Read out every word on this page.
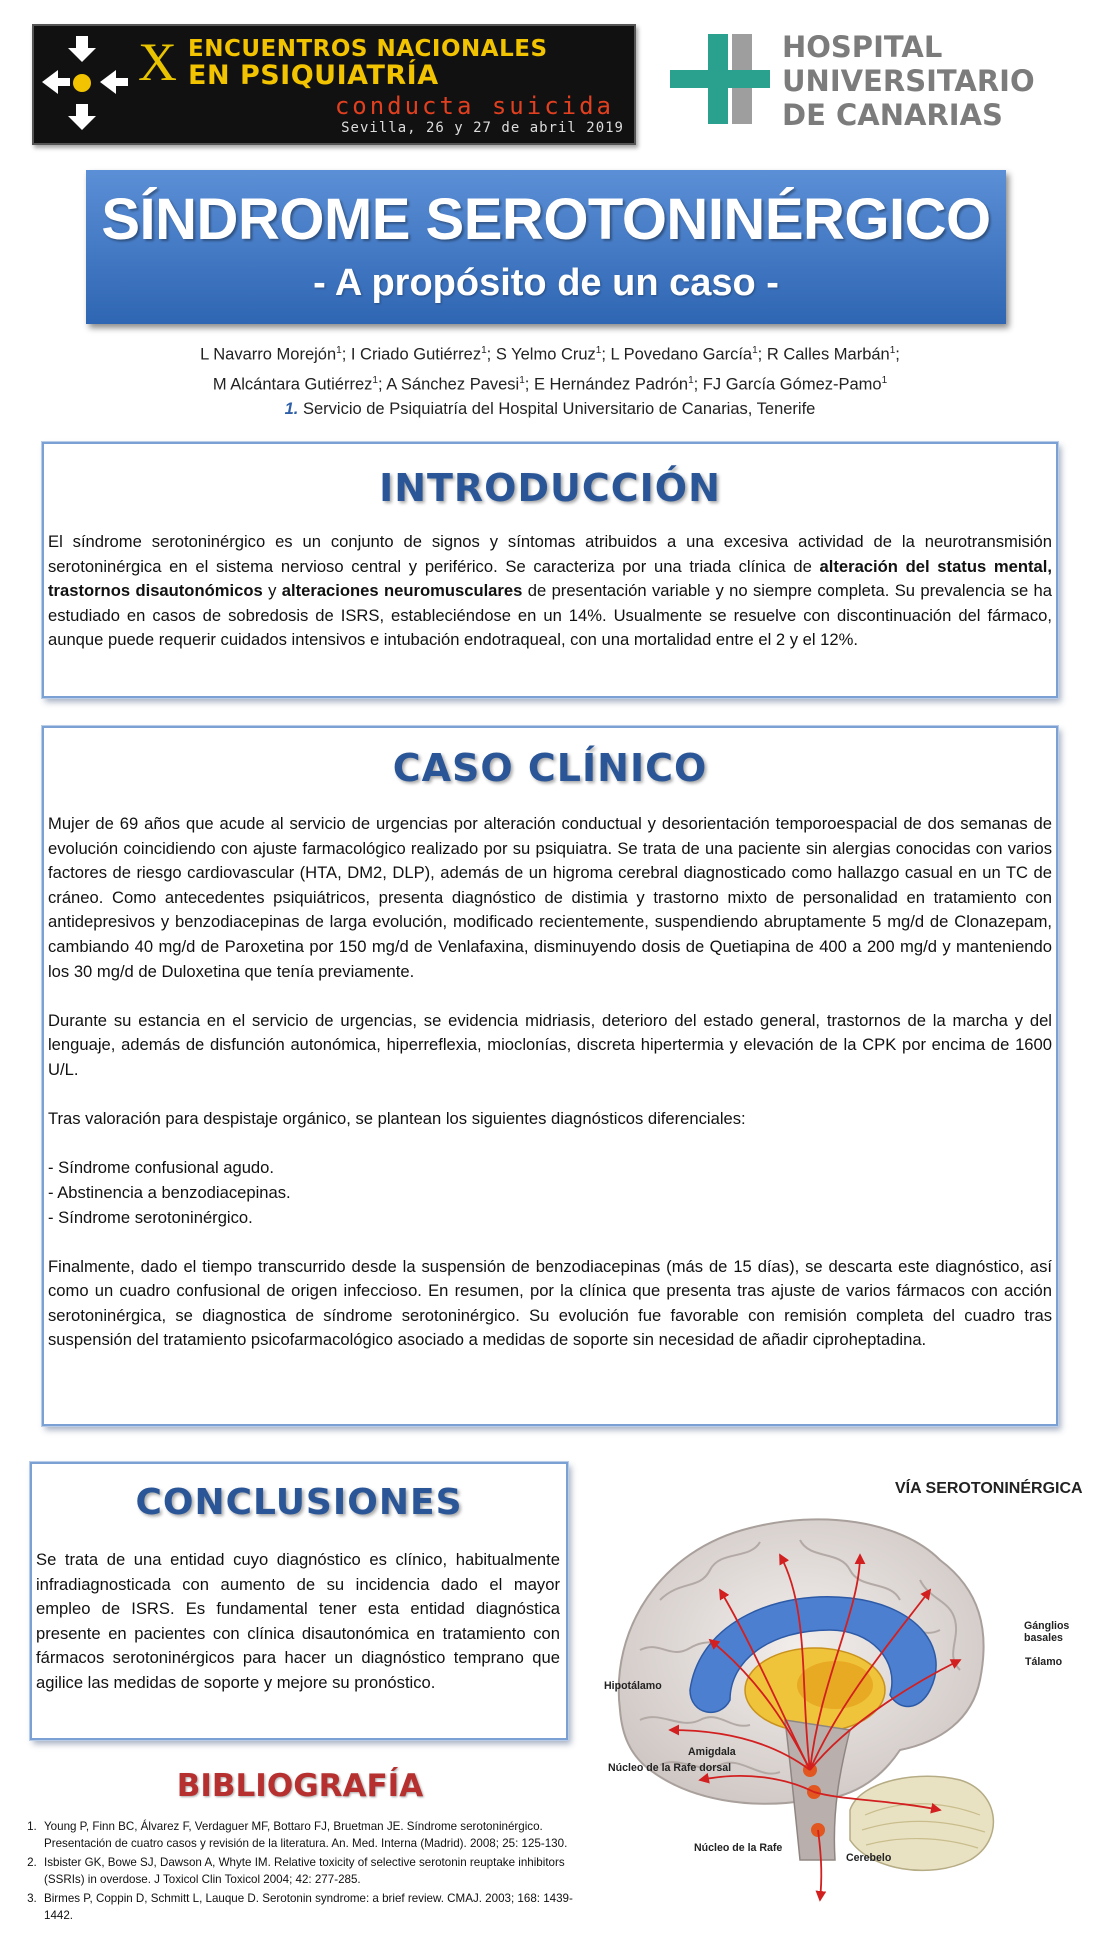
X ENCUENTROS NACIONALES
EN PSIQUIATRÍA
conducta suicida
Sevilla, 26 y 27 de abril 2019
HOSPITAL
UNIVERSITARIO
DE CANARIAS
SÍNDROME SEROTONINÉRGICO
- A propósito de un caso -
L Navarro Morejón$^1$; I Criado Gutiérrez$^1$; S Yelmo Cruz$^1$; L Povedano García$^1$; R Calles Marbán$^1$;
M Alcántara Gutiérrez$^1$; A Sánchez Pavesi$^1$; E Hernández Padrón$^1$; FJ García Gómez-Pamo$^1$
1. Servicio de Psiquiatría del Hospital Universitario de Canarias, Tenerife
INTRODUCCIÓN

El síndrome serotoninérgico es un conjunto de signos y síntomas atribuidos a una excesiva actividad de la neurotransmisión serotoninérgica en el sistema nervioso central y periférico. Se caracteriza por una triada clínica de alteración del status mental, trastornos disautonómicos y alteraciones neuromusculares de presentación variable y no siempre completa. Su prevalencia se ha estudiado en casos de sobredosis de ISRS, estableciéndose en un 14%. Usualmente se resuelve con discontinuación del fármaco, aunque puede requerir cuidados intensivos e intubación endotraqueal, con una mortalidad entre el 2 y el 12%.

CASO CLÍNICO

Mujer de 69 años que acude al servicio de urgencias por alteración conductual y desorientación temporoespacial de dos semanas de evolución coincidiendo con ajuste farmacológico realizado por su psiquiatra. Se trata de una paciente sin alergias conocidas con varios factores de riesgo cardiovascular (HTA, DM2, DLP), además de un higroma cerebral diagnosticado como hallazgo casual en un TC de cráneo. Como antecedentes psiquiátricos, presenta diagnóstico de distimia y trastorno mixto de personalidad en tratamiento con antidepresivos y benzodiacepinas de larga evolución, modificado recientemente, suspendiendo abruptamente 5 mg/d de Clonazepam, cambiando 40 mg/d de Paroxetina por 150 mg/d de Venlafaxina, disminuyendo dosis de Quetiapina de 400 a 200 mg/d y manteniendo los 30 mg/d de Duloxetina que tenía previamente.

Durante su estancia en el servicio de urgencias, se evidencia midriasis, deterioro del estado general, trastornos de la marcha y del lenguaje, además de disfunción autonómica, hiperreflexia, mioclonías, discreta hipertermia y elevación de la CPK por encima de 1600 U/L.

Tras valoración para despistaje orgánico, se plantean los siguientes diagnósticos diferenciales:

- Síndrome confusional agudo.

- Abstinencia a benzodiacepinas.

- Síndrome serotoninérgico.

Finalmente, dado el tiempo transcurrido desde la suspensión de benzodiacepinas (más de 15 días), se descarta este diagnóstico, así como un cuadro confusional de origen infeccioso. En resumen, por la clínica que presenta tras ajuste de varios fármacos con acción serotoninérgica, se diagnostica de síndrome serotoninérgico. Su evolución fue favorable con remisión completa del cuadro tras suspensión del tratamiento psicofarmacológico asociado a medidas de soporte sin necesidad de añadir ciproheptadina.

CONCLUSIONES
Se trata de una entidad cuyo diagnóstico es clínico, habitualmente infradiagnosticada con aumento de su incidencia dado el mayor empleo de ISRS. Es fundamental tener esta entidad diagnóstica presente en pacientes con clínica disautonómica en tratamiento con fármacos serotoninérgicos para hacer un diagnóstico temprano que agilice las medidas de soporte y mejore su pronóstico.
BIBLIOGRAFÍA
1. Young P, Finn BC, Álvarez F, Verdaguer MF, Bottaro FJ, Bruetman JE. Síndrome serotoninérgico. Presentación de cuatro casos y revisión de la literatura. An. Med. Interna (Madrid). 2008; 25: 125-130.
2. Isbister GK, Bowe SJ, Dawson A, Whyte IM. Relative toxicity of selective serotonin reuptake inhibitors (SSRIs) in overdose. J Toxicol Clin Toxicol 2004; 42: 277-285.
3. Birmes P, Coppin D, Schmitt L, Lauque D. Serotonin syndrome: a brief review. CMAJ. 2003; 168: 1439-1442.
VÍA SEROTONINÉRGICA
Gánglios basales
Tálamo
Hipotálamo
Amigdala
Núcleo de la Rafe dorsal
Núcleo de la Rafe
Cerebelo
